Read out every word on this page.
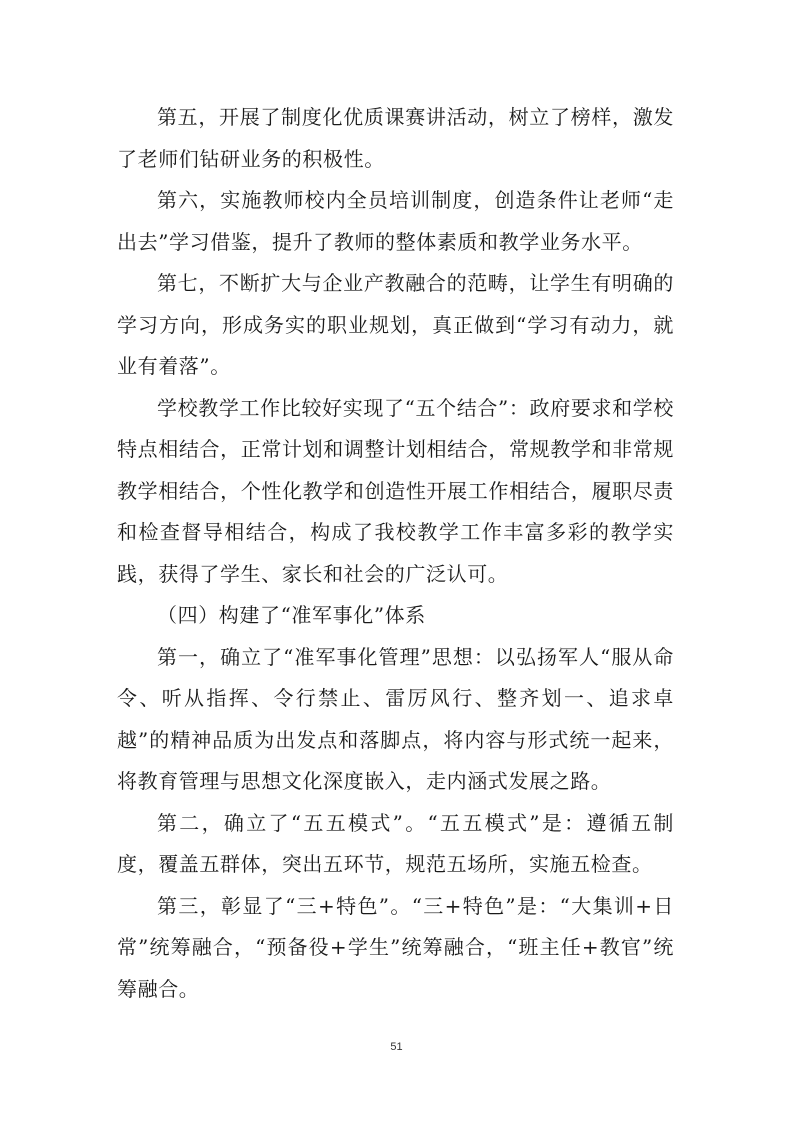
第五，开展了制度化优质课赛讲活动，树立了榜样，激发了老师们钻研业务的积极性。

第六，实施教师校内全员培训制度，创造条件让老师“走出去”学习借鉴，提升了教师的整体素质和教学业务水平。

第七，不断扩大与企业产教融合的范畴，让学生有明确的学习方向，形成务实的职业规划，真正做到“学习有动力，就业有着落”。

学校教学工作比较好实现了“五个结合”：政府要求和学校特点相结合，正常计划和调整计划相结合，常规教学和非常规教学相结合，个性化教学和创造性开展工作相结合，履职尽责和检查督导相结合，构成了我校教学工作丰富多彩的教学实践，获得了学生、家长和社会的广泛认可。

（四）构建了“准军事化”体系

第一，确立了“准军事化管理”思想：以弘扬军人“服从命令、听从指挥、令行禁止、雷厉风行、整齐划一、追求卓越”的精神品质为出发点和落脚点，将内容与形式统一起来，将教育管理与思想文化深度嵌入，走内涵式发展之路。

第二，确立了“五五模式”。“五五模式”是：遵循五制度，覆盖五群体，突出五环节，规范五场所，实施五检查。

第三，彰显了“三+特色”。“三+特色”是：“大集训+日常”统筹融合，“预备役+学生”统筹融合，“班主任+教官”统筹融合。

51
